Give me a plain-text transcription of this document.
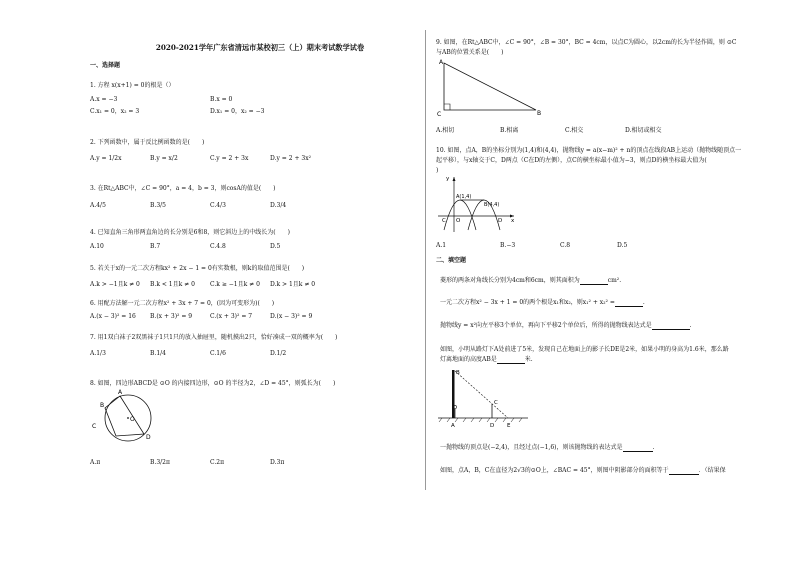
2020-2021学年广东省清远市某校初三（上）期末考试数学试卷
一、选择题
1. 方程 x(x+1) = 0的根是（）
A.x = −3	B.x = 0
C.x₁ = 0，x₂ = 3	D.x₁ = 0，x₂ = −3
2. 下列函数中，属于反比例函数的是(　　)
A.y = 1/2x	B.y = x/2	C.y = 2 + 3x	D.y = 2 + 3x²
3. 在Rt△ABC中，∠C = 90°，a = 4，b = 3，则cosA的值是(　　)
A.4/5	B.3/5	C.4/3	D.3/4
4. 已知直角三角形两直角边的长分别是6和8，则它斜边上的中线长为(　　)
A.10	B.7	C.4.8	D.5
5. 若关于x的一元二次方程kx² + 2x − 1 = 0有实数根，则k的取值范围是(　　)
A.k > −1且k ≠ 0 B.k < 1且k ≠ 0	C.k ≥ −1且k ≠ 0 D.k > 1且k ≠ 0
6. 用配方法解一元二次方程x² + 3x + 7 = 0，(因为可变形为)(　　)
A.(x − 3)² = 16 B.(x + 3)² = 9	C.(x + 3)² = 7	D.(x − 3)² = 9
7. 用1双白袜子2双黑袜子1只1只的放入抽屉里，随机摸出2只，恰好凑成一双的概率为(　　)
A.1/3	B.1/4	C.1/6	D.1/2
8. 如图，四边形ABCD是 ⊙O 的内接四边形，⊙O 的半径为2，∠D = 45°，则弧长为(　　)
A
B
C
D
O
A.π	B.3/2π	C.2π	D.3π
9. 如图，在Rt△ABC中，∠C = 90°，∠B = 30°，BC = 4cm，以点C为圆心，以2cm的长为半径作圆，则 ⊙C
与AB的位置关系是(　　)
A
C	B
A.相切	B.相离	C.相交	D.相切或相交
10. 如图，点A，B的坐标分别为(1,4)和(4,4)，抛物线y = a(x−m)² + n的顶点在线段AB上运动（抛物线随顶点一
起平移），与x轴交于C，D两点（C在D的左侧），点C的横坐标最小值为−3，则点D的横坐标最大值为(
)
y
A(1,4)
B(4,4)
C O	D x
A.1	B.−3	C.8	D.5
二、填空题
菱形的两条对角线长分别为4cm和6cm，则其面积为	cm².
一元二次方程x² − 3x + 1 = 0的两个根是x₁和x₂，则x₁² + x₂² =	.
抛物线y = x²向左平移3个单位，再向下平移2个单位后，所得的抛物线表达式是	.
如图，小明从路灯下A处前进了5米，发现自己在地面上的影子长DE是2米，如果小明的身高为1.6米，那么路
灯离地面的高度AB是	米.
B
C
A	D E
一抛物线的顶点是(−2,4)，且经过点(−1,6)，则该抛物线的表达式是	.
如图，点A，B，C在直径为2√3的⊙O上，∠BAC = 45°，则图中阴影部分的面积等于	．（结果保
